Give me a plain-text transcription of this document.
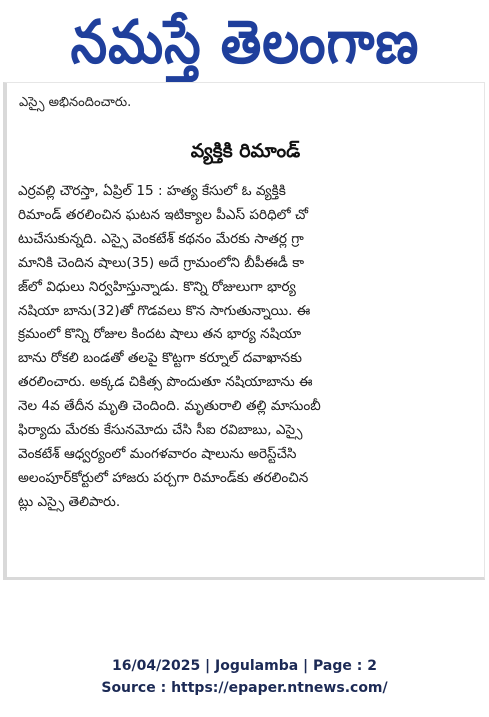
నమస్తే తెలంగాణ
ఎస్సై అభినందించారు.
వ్యక్తికి రిమాండ్
ఎర్రవల్లి చౌరస్తా, ఏప్రిల్ 15 : హత్య కేసులో ఓ వ్యక్తికి
రిమాండ్ తరలించిన ఘటన ఇటిక్యాల పీఎస్ పరిధిలో చో
టుచేసుకున్నది. ఎస్సై వెంకటేశ్ కథనం మేరకు సాతర్ల గ్రా
మానికి చెందిన షాలు(35) అదే గ్రామంలోని బీపీఈడీ కా
జ్‌లో విధులు నిర్వహిస్తున్నాడు. కొన్ని రోజులుగా భార్య
నషియా బాను(32)తో గొడవలు కొన సాగుతున్నాయి. ఈ
క్రమంలో కొన్ని రోజుల కిందట షాలు తన భార్య నషియా
బాను రోకలి బండతో తలపై కొట్టగా కర్నూల్ దవాఖానకు
తరలించారు. అక్కడ చికిత్స పొందుతూ నషియాబాను ఈ
నెల 4వ తేదీన మృతి చెందింది. మృతురాలి తల్లి మాసుంబీ
ఫిర్యాదు మేరకు కేసునమోదు చేసి సీఐ రవిబాబు, ఎస్సై
వెంకటేశ్ ఆధ్వర్యంలో మంగళవారం షాలును అరెస్ట్‌చేసి
అలంపూర్‌కోర్టులో హాజరు పర్చగా రిమాండ్‌కు తరలించిన
ట్లు ఎస్సై తెలిపారు.
16/04/2025 | Jogulamba | Page : 2
Source : https://epaper.ntnews.com/
